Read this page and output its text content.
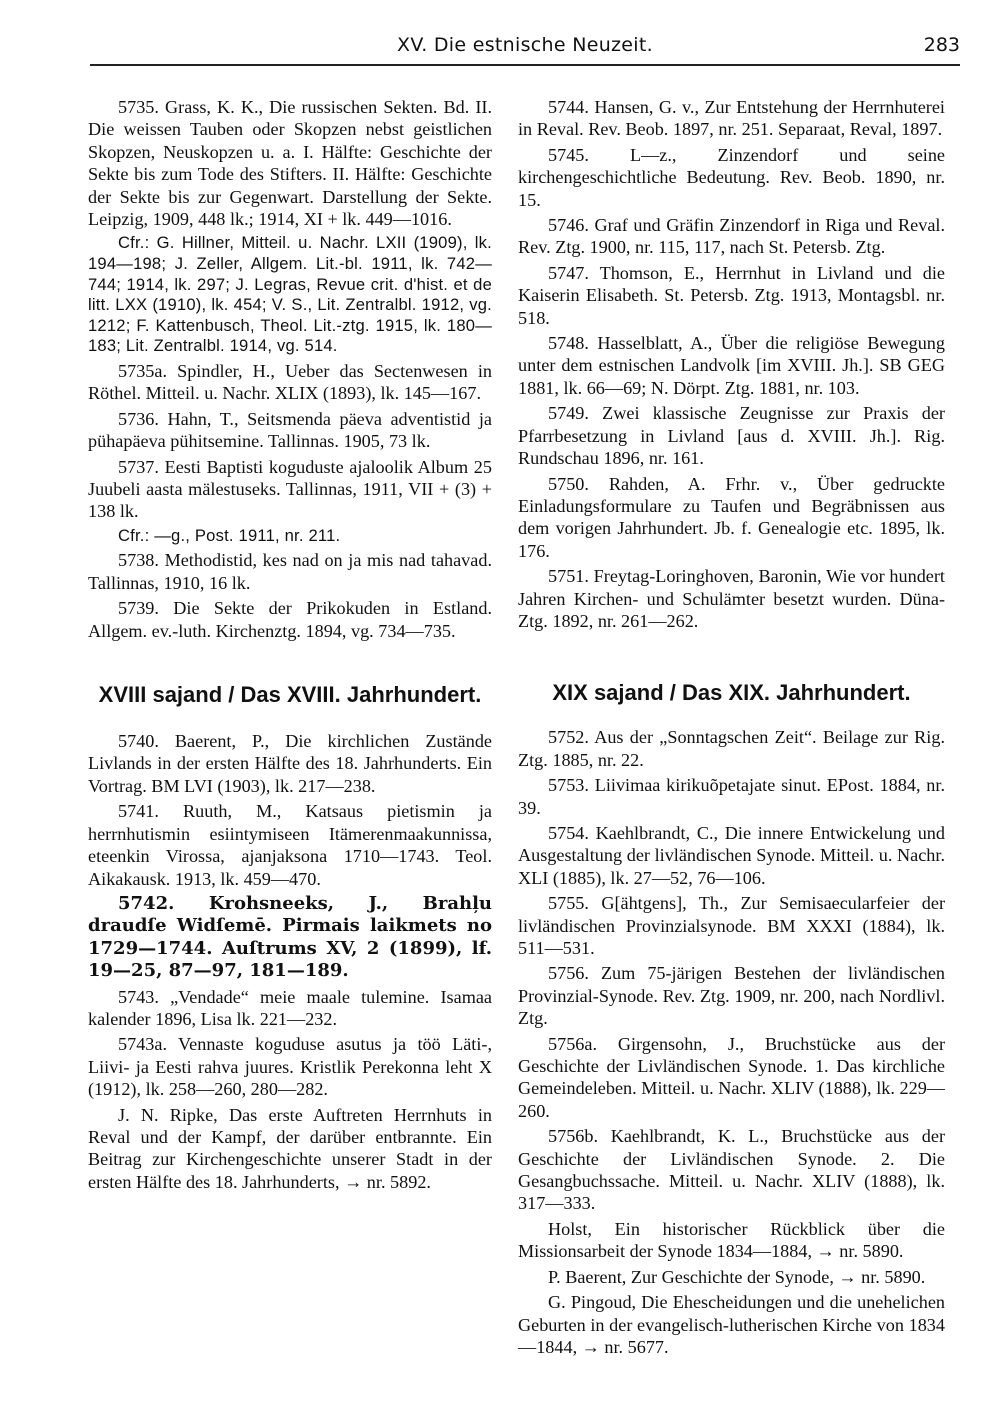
XV. Die estnische Neuzeit.	283

5735. Grass, K. K., Die russischen Sekten. Bd. II. Die weissen Tauben oder Skopzen nebst geistlichen Skopzen, Neuskopzen u. a. I. Hälfte: Geschichte der Sekte bis zum Tode des Stifters. II. Hälfte: Geschichte der Sekte bis zur Gegenwart. Darstellung der Sekte. Leipzig, 1909, 448 lk.; 1914, XI + lk. 449—1016.

Cfr.: G. Hillner, Mitteil. u. Nachr. LXII (1909), lk. 194—198; J. Zeller, Allgem. Lit.-bl. 1911, lk. 742—744; 1914, lk. 297; J. Legras, Revue crit. d'hist. et de litt. LXX (1910), lk. 454; V. S., Lit. Zentralbl. 1912, vg. 1212; F. Kattenbusch, Theol. Lit.-ztg. 1915, lk. 180—183; Lit. Zentralbl. 1914, vg. 514.

5735a. Spindler, H., Ueber das Sectenwesen in Röthel. Mitteil. u. Nachr. XLIX (1893), lk. 145—167.

5736. Hahn, T., Seitsmenda päeva adventistid ja pühapäeva pühitsemine. Tallinnas. 1905, 73 lk.

5737. Eesti Baptisti koguduste ajaloolik Album 25 Juubeli aasta mälestuseks. Tallinnas, 1911, VII + (3) + 138 lk.

Cfr.: —g., Post. 1911, nr. 211.

5738. Methodistid, kes nad on ja mis nad tahavad. Tallinnas, 1910, 16 lk.

5739. Die Sekte der Prikokuden in Estland. Allgem. ev.-luth. Kirchenztg. 1894, vg. 734—735.

XVIII sajand / Das XVIII. Jahrhundert.

5740. Baerent, P., Die kirchlichen Zustände Livlands in der ersten Hälfte des 18. Jahrhunderts. Ein Vortrag. BM LVI (1903), lk. 217—238.

5741. Ruuth, M., Katsaus pietismin ja herrnhutismin esiintymiseen Itämerenmaakunnissa, eteenkin Virossa, ajanjaksona 1710—1743. Teol. Aikakausk. 1913, lk. 459—470.

5742. Krohsneeks, J., Brahļu draudſe Widſemē. Pirmais laikmets no 1729—1744. Auſtrums XV, 2 (1899), lf. 19—25, 87—97, 181—189.

5743. „Vendade“ meie maale tulemine. Isamaa kalender 1896, Lisa lk. 221—232.

5743a. Vennaste koguduse asutus ja töö Läti-, Liivi- ja Eesti rahva juures. Kristlik Perekonna leht X (1912), lk. 258—260, 280—282.

J. N. Ripke, Das erste Auftreten Herrnhuts in Reval und der Kampf, der darüber entbrannte. Ein Beitrag zur Kirchengeschichte unserer Stadt in der ersten Hälfte des 18. Jahrhunderts, → nr. 5892.

5744. Hansen, G. v., Zur Entstehung der Herrnhuterei in Reval. Rev. Beob. 1897, nr. 251. Separaat, Reval, 1897.

5745. L—z., Zinzendorf und seine kirchengeschichtliche Bedeutung. Rev. Beob. 1890, nr. 15.

5746. Graf und Gräfin Zinzendorf in Riga und Reval. Rev. Ztg. 1900, nr. 115, 117, nach St. Petersb. Ztg.

5747. Thomson, E., Herrnhut in Livland und die Kaiserin Elisabeth. St. Petersb. Ztg. 1913, Montagsbl. nr. 518.

5748. Hasselblatt, A., Über die religiöse Bewegung unter dem estnischen Landvolk [im XVIII. Jh.]. SB GEG 1881, lk. 66—69; N. Dörpt. Ztg. 1881, nr. 103.

5749. Zwei klassische Zeugnisse zur Praxis der Pfarrbesetzung in Livland [aus d. XVIII. Jh.]. Rig. Rundschau 1896, nr. 161.

5750. Rahden, A. Frhr. v., Über gedruckte Einladungsformulare zu Taufen und Begräbnissen aus dem vorigen Jahrhundert. Jb. f. Genealogie etc. 1895, lk. 176.

5751. Freytag-Loringhoven, Baronin, Wie vor hundert Jahren Kirchen- und Schulämter besetzt wurden. Düna-Ztg. 1892, nr. 261—262.

XIX sajand / Das XIX. Jahrhundert.

5752. Aus der „Sonntagschen Zeit“. Beilage zur Rig. Ztg. 1885, nr. 22.

5753. Liivimaa kirikuõpetajate sinut. EPost. 1884, nr. 39.

5754. Kaehlbrandt, C., Die innere Entwickelung und Ausgestaltung der livländischen Synode. Mitteil. u. Nachr. XLI (1885), lk. 27—52, 76—106.

5755. G[ähtgens], Th., Zur Semisaecularfeier der livländischen Provinzialsynode. BM XXXI (1884), lk. 511—531.

5756. Zum 75-järigen Bestehen der livländischen Provinzial-Synode. Rev. Ztg. 1909, nr. 200, nach Nordlivl. Ztg.

5756a. Girgensohn, J., Bruchstücke aus der Geschichte der Livländischen Synode. 1. Das kirchliche Gemeindeleben. Mitteil. u. Nachr. XLIV (1888), lk. 229—260.

5756b. Kaehlbrandt, K. L., Bruchstücke aus der Geschichte der Livländischen Synode. 2. Die Gesangbuchssache. Mitteil. u. Nachr. XLIV (1888), lk. 317—333.

Holst, Ein historischer Rückblick über die Missionsarbeit der Synode 1834—1884, → nr. 5890.

P. Baerent, Zur Geschichte der Synode, → nr. 5890.

G. Pingoud, Die Ehescheidungen und die unehelichen Geburten in der evangelisch-lutherischen Kirche von 1834—1844, → nr. 5677.
